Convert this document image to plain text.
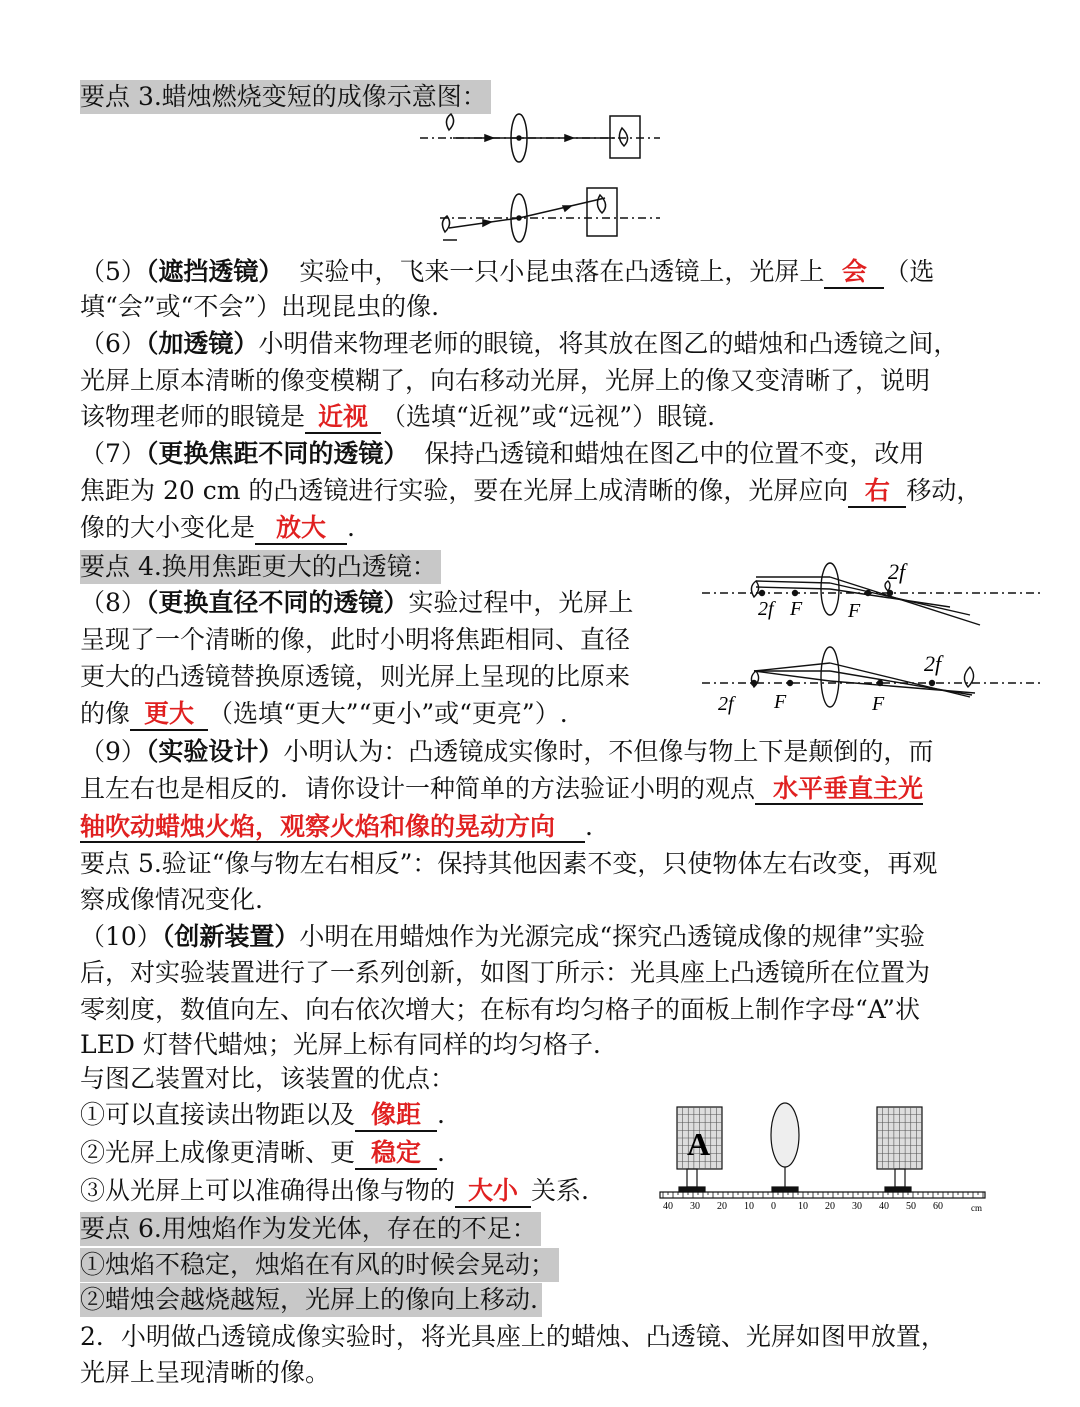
要点 3.蜡烛燃烧变短的成像示意图：
（5）（遮挡透镜） 实验中，飞来一只小昆虫落在凸透镜上，光屏上 会 （选
填“会”或“不会”）出现昆虫的像.
（6）（加透镜）小明借来物理老师的眼镜，将其放在图乙的蜡烛和凸透镜之间，
光屏上原本清晰的像变模糊了，向右移动光屏，光屏上的像又变清晰了，说明
该物理老师的眼镜是 近视 （选填“近视”或“远视”）眼镜.
（7）（更换焦距不同的透镜） 保持凸透镜和蜡烛在图乙中的位置不变，改用
焦距为 20 cm 的凸透镜进行实验，要在光屏上成清晰的像，光屏应向 右 移动，
像的大小变化是 放大 .
要点 4.换用焦距更大的凸透镜：	2f
2f F F
2f
2f F	F
（8）（更换直径不同的透镜）实验过程中，光屏上
呈现了一个清晰的像，此时小明将焦距相同、直径
更大的凸透镜替换原透镜，则光屏上呈现的比原来
的像 更大 （选填“更大”“更小”或“更亮”）.
（9）（实验设计）小明认为：凸透镜成实像时，不但像与物上下是颠倒的，而
且左右也是相反的．请你设计一种简单的方法验证小明的观点 水平垂直主光
轴吹动蜡烛火焰，观察火焰和像的晃动方向 .
要点 5.验证“像与物左右相反”：保持其他因素不变，只使物体左右改变，再观
察成像情况变化.
（10）（创新装置）小明在用蜡烛作为光源完成“探究凸透镜成像的规律”实验
后，对实验装置进行了一系列创新，如图丁所示：光具座上凸透镜所在位置为
零刻度，数值向左、向右依次增大；在标有均匀格子的面板上制作字母“A”状
LED 灯替代蜡烛；光屏上标有同样的均匀格子.
与图乙装置对比，该装置的优点：
①可以直接读出物距以及 像距 .
②光屏上成像更清晰、更 稳定 .
③从光屏上可以准确得出像与物的 大小 关系.
A
40 30 20 10 0 10 20 30 40 50 60	cm
要点 6.用烛焰作为发光体，存在的不足：
①烛焰不稳定，烛焰在有风的时候会晃动；
②蜡烛会越烧越短，光屏上的像向上移动.
2．小明做凸透镜成像实验时，将光具座上的蜡烛、凸透镜、光屏如图甲放置，
光屏上呈现清晰的像。
